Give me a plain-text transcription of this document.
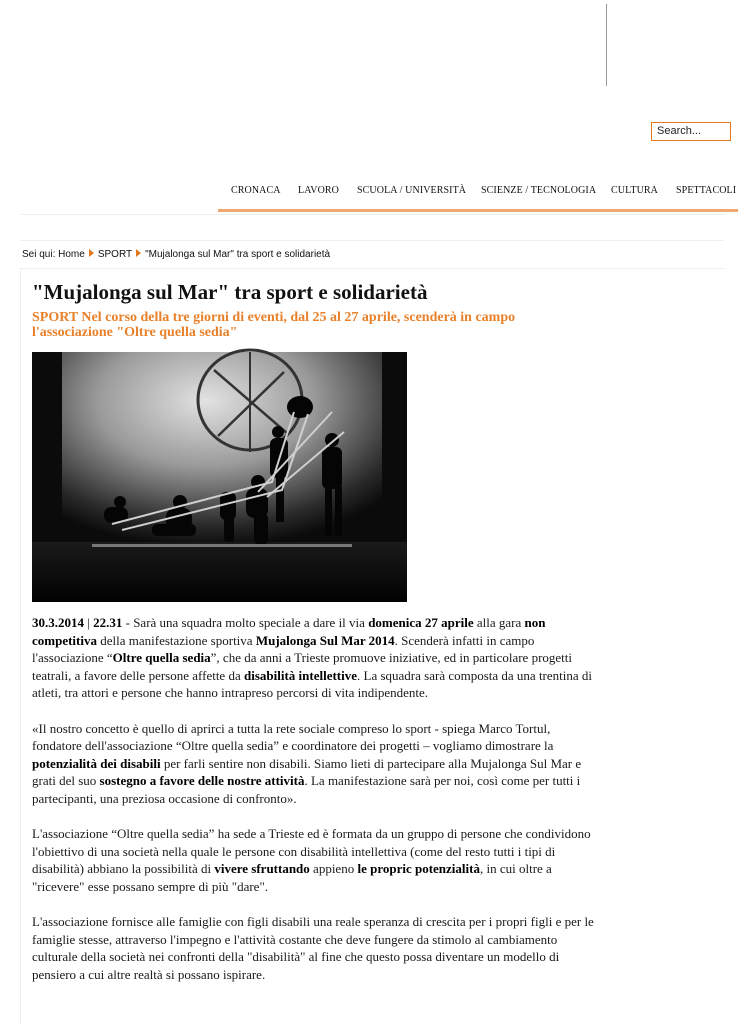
Search...
CRONACA LAVORO SCUOLA / UNIVERSITÀ SCIENZE / TECNOLOGIA CULTURA SPETTACOLI
Sei qui: Home SPORT "Mujalonga sul Mar" tra sport e solidarietà
"Mujalonga sul Mar" tra sport e solidarietà
SPORT Nel corso della tre giorni di eventi, dal 25 al 27 aprile, scenderà in campo l'associazione "Oltre quella sedia"

30.3.2014 | 22.31 - Sarà una squadra molto speciale a dare il via domenica 27 aprile alla gara non competitiva della manifestazione sportiva Mujalonga Sul Mar 2014. Scenderà infatti in campo l'associazione “Oltre quella sedia”, che da anni a Trieste promuove iniziative, ed in particolare progetti teatrali, a favore delle persone affette da disabilità intellettive. La squadra sarà composta da una trentina di atleti, tra attori e persone che hanno intrapreso percorsi di vita indipendente.

«Il nostro concetto è quello di aprirci a tutta la rete sociale compreso lo sport - spiega Marco Tortul, fondatore dell'associazione “Oltre quella sedia” e coordinatore dei progetti – vogliamo dimostrare la potenzialità dei disabili per farli sentire non disabili. Siamo lieti di partecipare alla Mujalonga Sul Mar e grati del suo sostegno a favore delle nostre attività. La manifestazione sarà per noi, così come per tutti i partecipanti, una preziosa occasione di confronto».

L'associazione “Oltre quella sedia” ha sede a Trieste ed è formata da un gruppo di persone che condividono l'obiettivo di una società nella quale le persone con disabilità intellettiva (come del resto tutti i tipi di disabilità) abbiano la possibilità di vivere sfruttando appieno le propric potenzialità, in cui oltre a "ricevere" esse possano sempre di più "dare".

L'associazione fornisce alle famiglie con figli disabili una reale speranza di crescita per i propri figli e per le famiglie stesse, attraverso l'impegno e l'attività costante che deve fungere da stimolo al cambiamento culturale della società nei confronti della "disabilità" al fine che questo possa diventare un modello di pensiero a cui altre realtà si possano ispirare.
